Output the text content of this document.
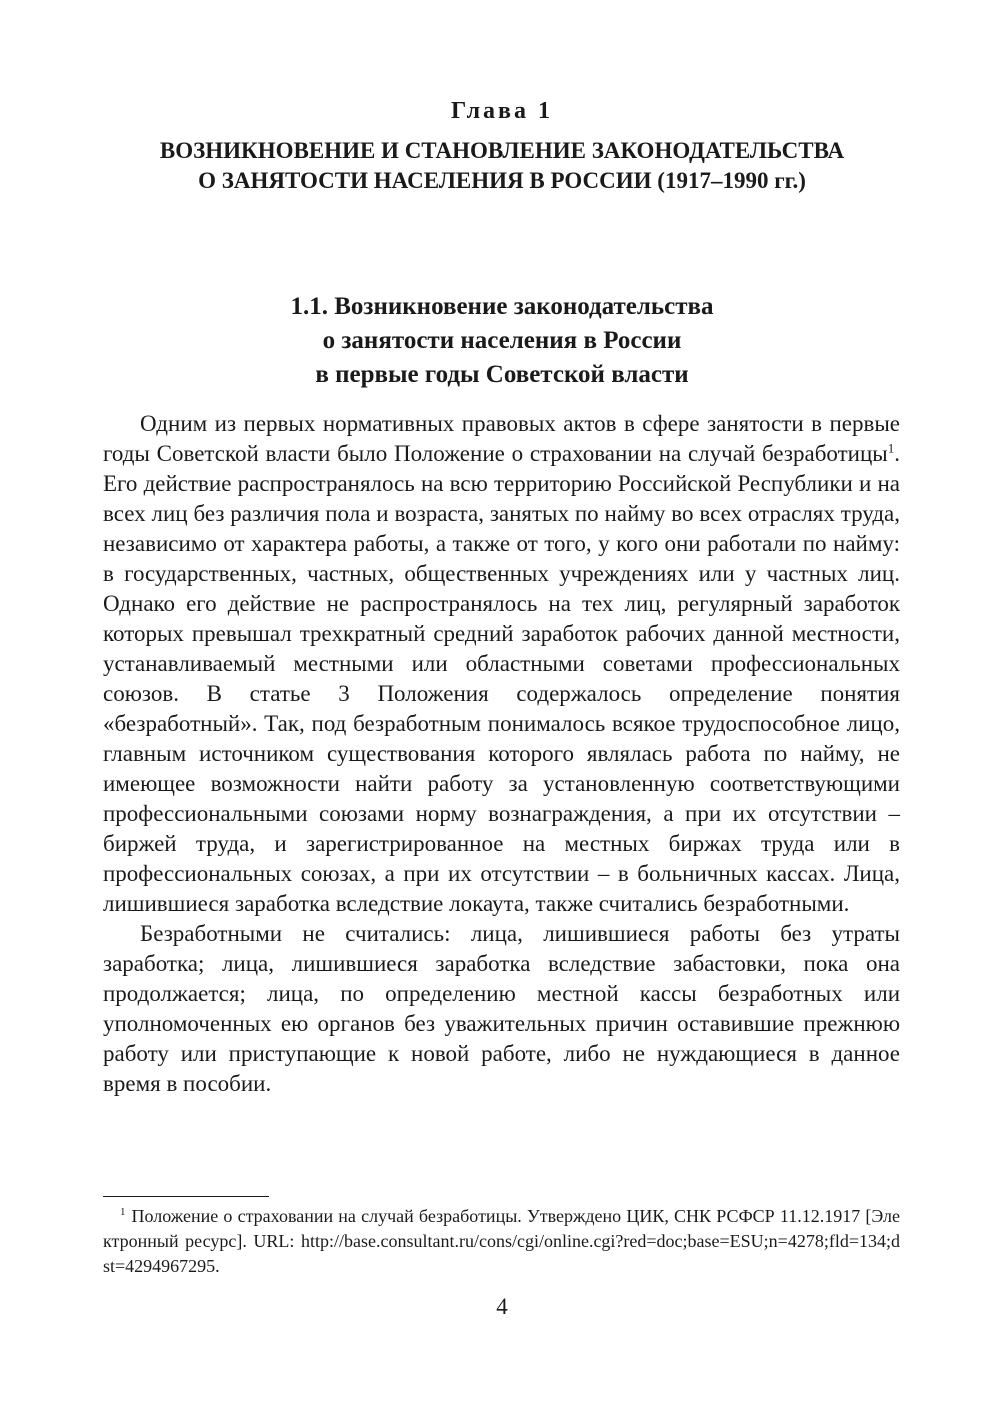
Глава 1
ВОЗНИКНОВЕНИЕ И СТАНОВЛЕНИЕ ЗАКОНОДАТЕЛЬСТВА
О ЗАНЯТОСТИ НАСЕЛЕНИЯ В РОССИИ (1917–1990 гг.)
1.1. Возникновение законодательства
о занятости населения в России
в первые годы Советской власти

Одним из первых нормативных правовых актов в сфере занятости в первые годы Советской власти было Положение о страховании на случай безработицы$^1$. Его действие распространялось на всю территорию Российской Республики и на всех лиц без различия пола и возраста, занятых по найму во всех отраслях труда, независимо от характера работы, а также от того, у кого они работали по найму: в государственных, частных, общественных учреждениях или у частных лиц. Однако его действие не распространялось на тех лиц, регулярный заработок которых превышал трехкратный средний заработок рабочих данной местности, устанавливаемый местными или областными советами профессиональных союзов. В статье 3 Положения содержалось определение понятия «безработный». Так, под безработным понималось всякое трудоспособное лицо, главным источником существования которого являлась работа по найму, не имеющее возможности найти работу за установленную соответствующими профессиональными союзами норму вознаграждения, а при их отсутствии – биржей труда, и зарегистрированное на местных биржах труда или в профессиональных союзах, а при их отсутствии – в больничных кассах. Лица, лишившиеся заработка вследствие локаута, также считались безработными.

Безработными не считались: лица, лишившиеся работы без утраты заработка; лица, лишившиеся заработка вследствие забастовки, пока она продолжается; лица, по определению местной кассы безработных или уполномоченных ею органов без уважительных причин оставившие прежнюю работу или приступающие к новой работе, либо не нуждающиеся в данное время в пособии.

$^1$ Положение о страховании на случай безработицы. Утверждено ЦИК, СНК РСФСР 11.12.1917 [Электронный ресурс]. URL: http://base.consultant.ru/cons/cgi/online.cgi?red=doc;base=ESU;n=4278;fld=134;dst=4294967295.
4
